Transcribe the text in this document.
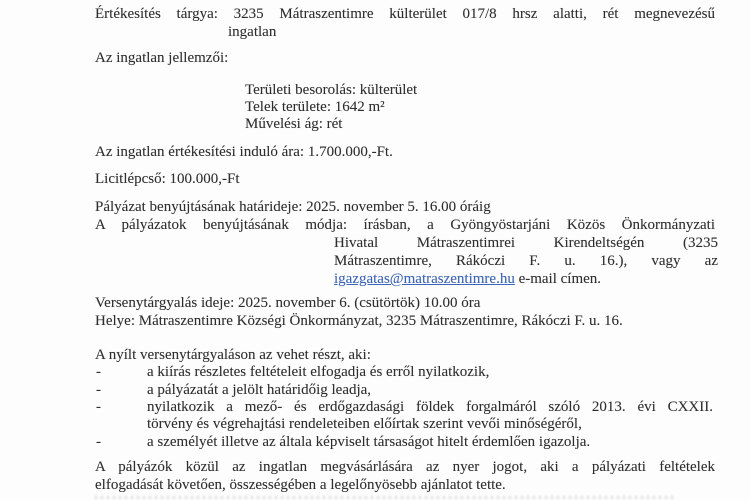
Értékesítés tárgya: 3235 Mátraszentimre külterület 017/8 hrsz alatti, rét megnevezésű
ingatlan
Az ingatlan jellemzői:
Területi besorolás: külterület
Telek területe: 1642 m²
Művelési ág: rét
Az ingatlan értékesítési induló ára: 1.700.000,-Ft.
Licitlépcső: 100.000,-Ft
Pályázat benyújtásának határideje: 2025. november 5. 16.00 óráig
A pályázatok benyújtásának módja: írásban, a Gyöngyöstarjáni Közös Önkormányzati
Hivatal Mátraszentimrei Kirendeltségén (3235
Mátraszentimre, Rákóczi F. u. 16.), vagy az
igazgatas@matraszentimre.hu e-mail címen.
Versenytárgyalás ideje: 2025. november 6. (csütörtök) 10.00 óra
Helye: Mátraszentimre Községi Önkormányzat, 3235 Mátraszentimre, Rákóczi F. u. 16.
A nyílt versenytárgyaláson az vehet részt, aki:
-	a kiírás részletes feltételeit elfogadja és erről nyilatkozik,
-	a pályázatát a jelölt határidőig leadja,
-	nyilatkozik a mező- és erdőgazdasági földek forgalmáról szóló 2013. évi CXXII.
törvény és végrehajtási rendeleteiben előírtak szerint vevői minőségéről,
-	a személyét illetve az általa képviselt társaságot hitelt érdemlően igazolja.
A pályázók közül az ingatlan megvásárlására az nyer jogot, aki a pályázati feltételek
elfogadását követően, összességében a legelőnyösebb ajánlatot tette.
